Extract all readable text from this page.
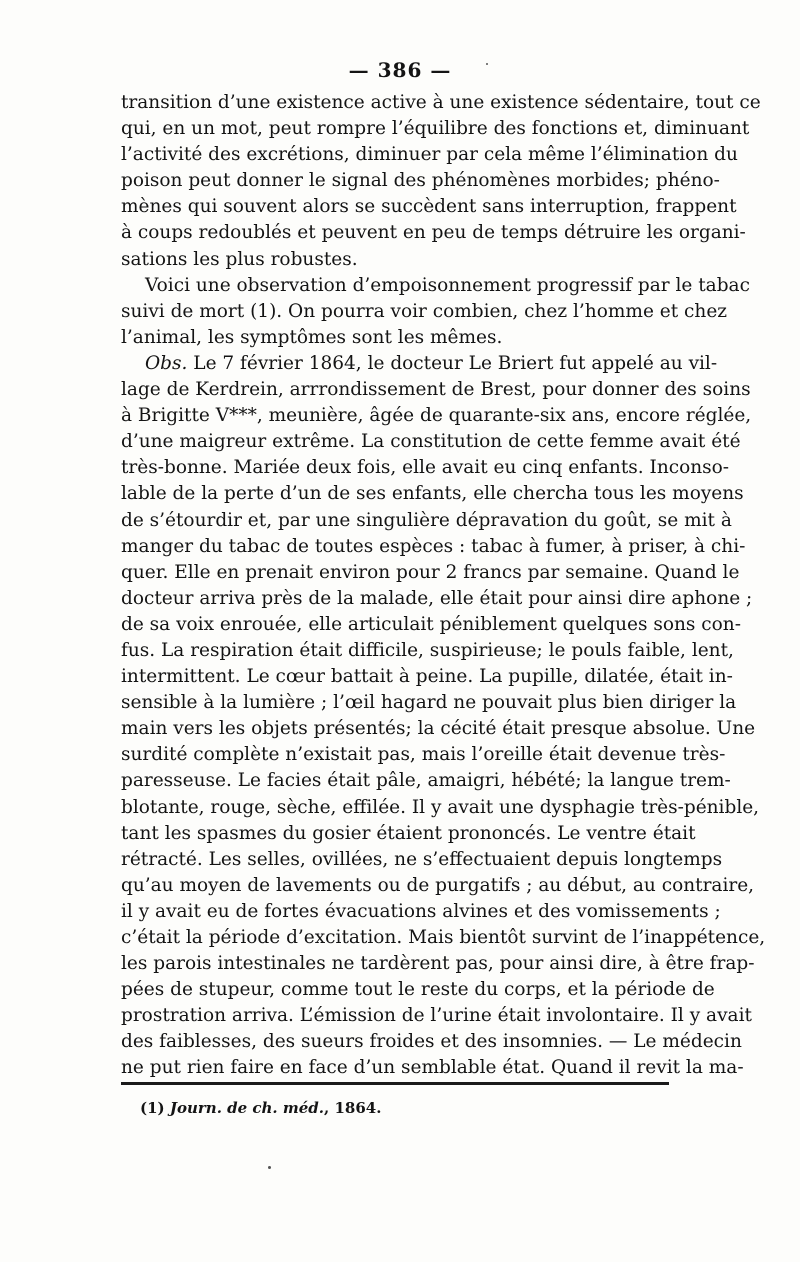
— 386 —
transition d’une existence active à une existence sédentaire, tout ce
qui, en un mot, peut rompre l’équilibre des fonctions et, diminuant
l’activité des excrétions, diminuer par cela même l’élimination du
poison peut donner le signal des phénomènes morbides; phéno-
mènes qui souvent alors se succèdent sans interruption, frappent
à coups redoublés et peuvent en peu de temps détruire les organi-
sations les plus robustes.
Voici une observation d’empoisonnement progressif par le tabac
suivi de mort (1). On pourra voir combien, chez l’homme et chez
l’animal, les symptômes sont les mêmes.
Obs. Le 7 février 1864, le docteur Le Briert fut appelé au vil-
lage de Kerdrein, arrrondissement de Brest, pour donner des soins
à Brigitte V***, meunière, âgée de quarante-six ans, encore réglée,
d’une maigreur extrême. La constitution de cette femme avait été
très-bonne. Mariée deux fois, elle avait eu cinq enfants. Inconso-
lable de la perte d’un de ses enfants, elle chercha tous les moyens
de s’étourdir et, par une singulière dépravation du goût, se mit à
manger du tabac de toutes espèces : tabac à fumer, à priser, à chi-
quer. Elle en prenait environ pour 2 francs par semaine. Quand le
docteur arriva près de la malade, elle était pour ainsi dire aphone ;
de sa voix enrouée, elle articulait péniblement quelques sons con-
fus. La respiration était difficile, suspirieuse; le pouls faible, lent,
intermittent. Le cœur battait à peine. La pupille, dilatée, était in-
sensible à la lumière ; l’œil hagard ne pouvait plus bien diriger la
main vers les objets présentés; la cécité était presque absolue. Une
surdité complète n’existait pas, mais l’oreille était devenue très-
paresseuse. Le facies était pâle, amaigri, hébété; la langue trem-
blotante, rouge, sèche, effilée. Il y avait une dysphagie très-pénible,
tant les spasmes du gosier étaient prononcés. Le ventre était
rétracté. Les selles, ovillées, ne s’effectuaient depuis longtemps
qu’au moyen de lavements ou de purgatifs ; au début, au contraire,
il y avait eu de fortes évacuations alvines et des vomissements ;
c’était la période d’excitation. Mais bientôt survint de l’inappétence,
les parois intestinales ne tardèrent pas, pour ainsi dire, à être frap-
pées de stupeur, comme tout le reste du corps, et la période de
prostration arriva. L’émission de l’urine était involontaire. Il y avait
des faiblesses, des sueurs froides et des insomnies. — Le médecin
ne put rien faire en face d’un semblable état. Quand il revit la ma-
(1) Journ. de ch. méd., 1864.
